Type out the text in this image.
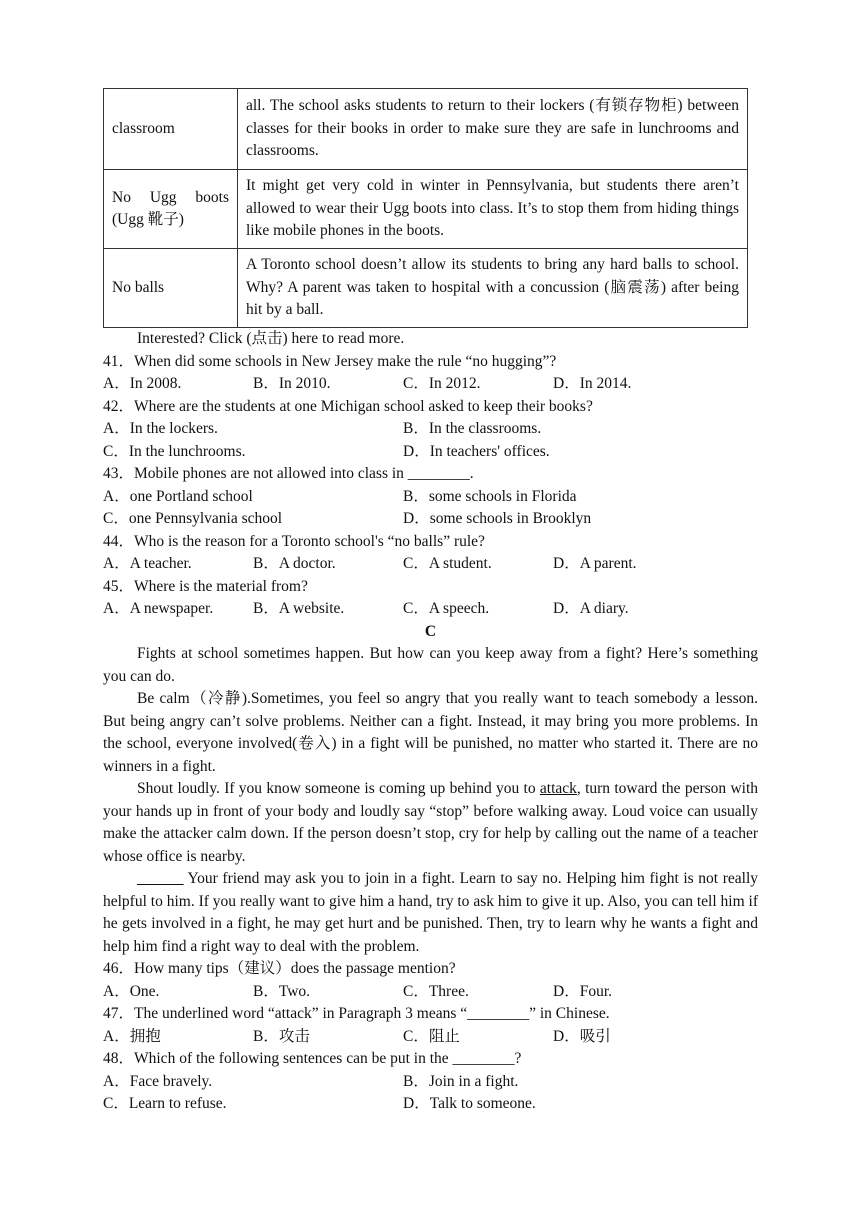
classroom	all. The school asks students to return to their lockers (有锁存物柜) between classes for their books in order to make sure they are safe in lunchrooms and classrooms.
No Ugg boots (Ugg 靴子)	It might get very cold in winter in Pennsylvania, but students there aren’t allowed to wear their Ugg boots into class. It’s to stop them from hiding things like mobile phones in the boots.
No balls	A Toronto school doesn’t allow its students to bring any hard balls to school. Why? A parent was taken to hospital with a concussion (脑震荡) after being hit by a ball.
Interested? Click (点击) here to read more.
41．When did some schools in New Jersey make the rule “no hugging”?
A．In 2008.	B．In 2010.	C．In 2012.	D．In 2014.
42．Where are the students at one Michigan school asked to keep their books?
A．In the lockers.	B．In the classrooms.
C．In the lunchrooms.	D．In teachers' offices.
43．Mobile phones are not allowed into class in ________.
A．one Portland school	B．some schools in Florida
C．one Pennsylvania school	D．some schools in Brooklyn
44．Who is the reason for a Toronto school's “no balls” rule?
A．A teacher.	B．A doctor.	C．A student.	D．A parent.
45．Where is the material from?
A．A newspaper.	B．A website.	C．A speech.	D．A diary.
C
Fights at school sometimes happen. But how can you keep away from a fight? Here’s something you can do.
Be calm（冷静).Sometimes, you feel so angry that you really want to teach somebody a lesson. But being angry can’t solve problems. Neither can a fight. Instead, it may bring you more problems. In the school, everyone involved(卷入) in a fight will be punished, no matter who started it. There are no winners in a fight.
Shout loudly. If you know someone is coming up behind you to attack, turn toward the person with your hands up in front of your body and loudly say “stop” before walking away. Loud voice can usually make the attacker calm down. If the person doesn’t stop, cry for help by calling out the name of a teacher whose office is nearby.
______ Your friend may ask you to join in a fight. Learn to say no. Helping him fight is not really helpful to him. If you really want to give him a hand, try to ask him to give it up. Also, you can tell him if he gets involved in a fight, he may get hurt and be punished. Then, try to learn why he wants a fight and help him find a right way to deal with the problem.
46．How many tips（建议）does the passage mention?
A．One.	B．Two.	C．Three.	D．Four.
47．The underlined word “attack” in Paragraph 3 means “________” in Chinese.
A．拥抱	B．攻击	C．阻止	D．吸引
48．Which of the following sentences can be put in the ________?
A．Face bravely.	B．Join in a fight.
C．Learn to refuse.	D．Talk to someone.
